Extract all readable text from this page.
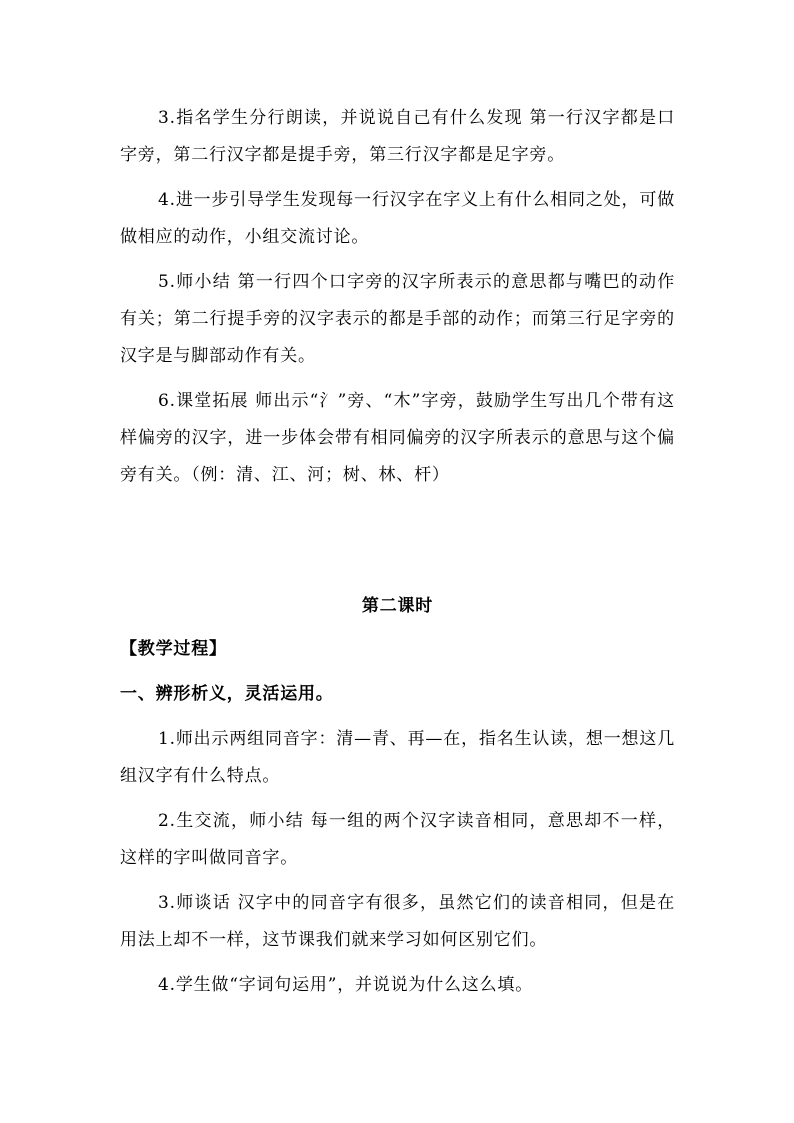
3.指名学生分行朗读，并说说自己有什么发现 第一行汉字都是口字旁，第二行汉字都是提手旁，第三行汉字都是足字旁。

4.进一步引导学生发现每一行汉字在字义上有什么相同之处，可做做相应的动作，小组交流讨论。

5.师小结 第一行四个口字旁的汉字所表示的意思都与嘴巴的动作有关；第二行提手旁的汉字表示的都是手部的动作；而第三行足字旁的汉字是与脚部动作有关。

6.课堂拓展 师出示“氵”旁、“木”字旁，鼓励学生写出几个带有这样偏旁的汉字，进一步体会带有相同偏旁的汉字所表示的意思与这个偏旁有关。（例：清、江、河；树、林、杆）

第二课时
【教学过程】
一、辨形析义，灵活运用。

1.师出示两组同音字：清—青、再—在，指名生认读，想一想这几组汉字有什么特点。

2.生交流，师小结 每一组的两个汉字读音相同，意思却不一样，这样的字叫做同音字。

3.师谈话 汉字中的同音字有很多，虽然它们的读音相同，但是在用法上却不一样，这节课我们就来学习如何区别它们。

4.学生做“字词句运用”，并说说为什么这么填。
